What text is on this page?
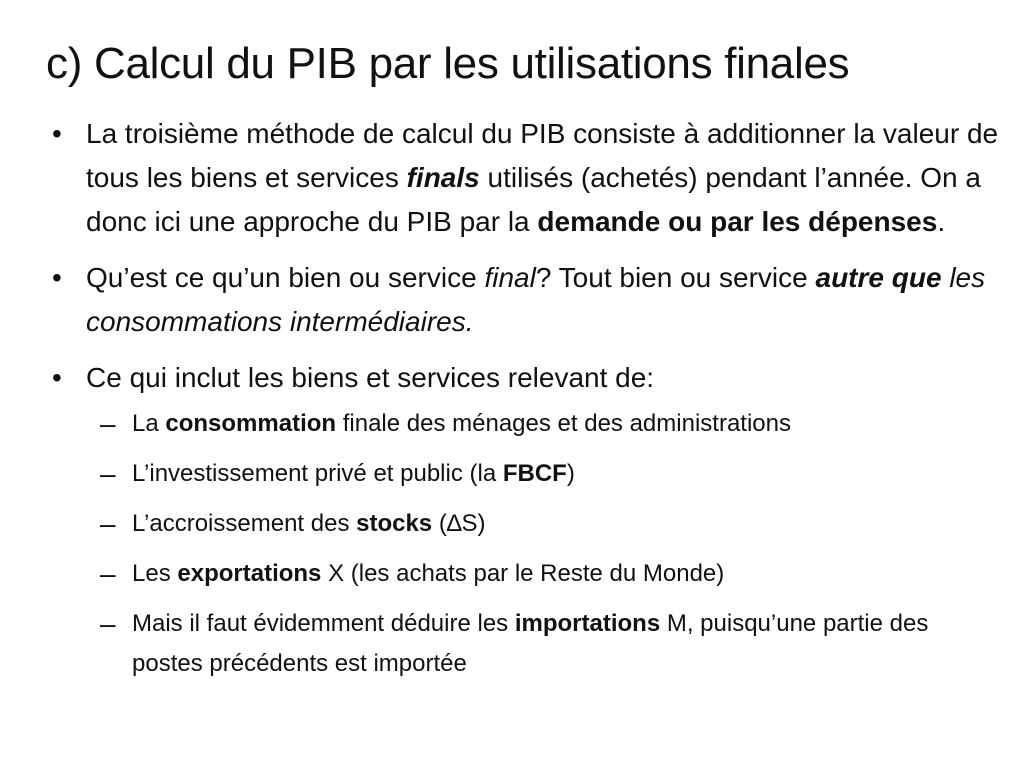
c) Calcul du PIB par les utilisations finales
• La troisième méthode de calcul du PIB consiste à additionner la valeur de tous les biens et services finals utilisés (achetés) pendant l’année. On a donc ici une approche du PIB par la demande ou par les dépenses.
• Qu’est ce qu’un bien ou service final? Tout bien ou service autre que les consommations intermédiaires.
• Ce qui inclut les biens et services relevant de:
– La consommation finale des ménages et des administrations
– L’investissement privé et public (la FBCF)
– L’accroissement des stocks (∆S)
– Les exportations X (les achats par le Reste du Monde)
– Mais il faut évidemment déduire les importations M, puisqu’une partie des postes précédents est importée
